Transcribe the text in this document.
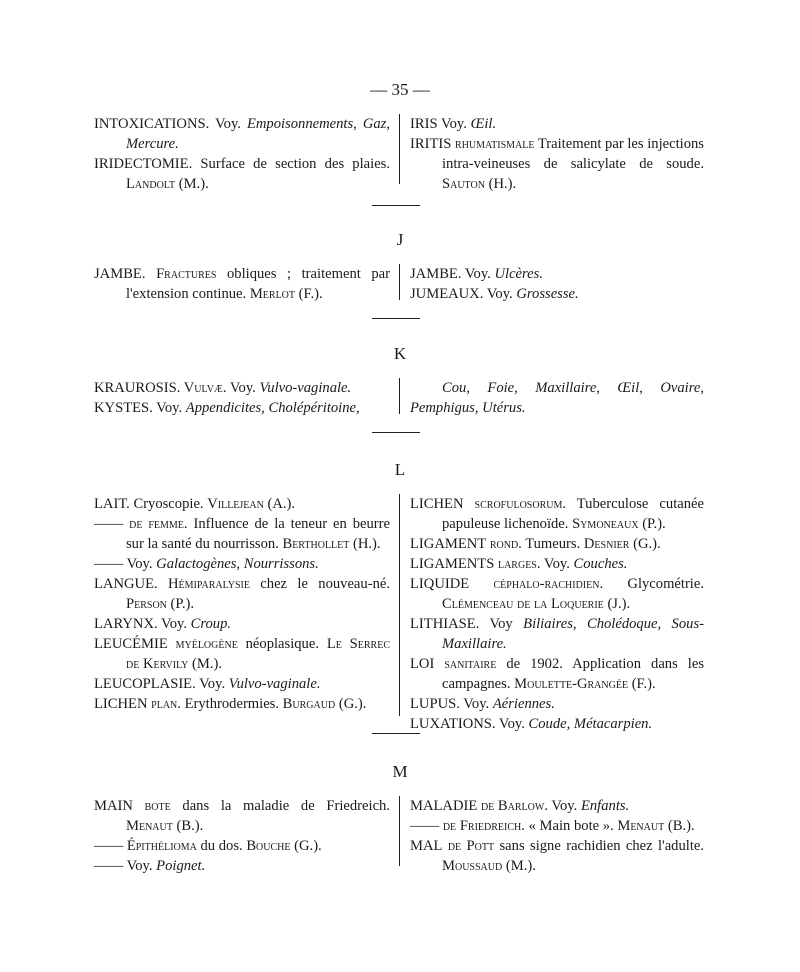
— 35 —

INTOXICATIONS. Voy. Empoisonnements, Gaz, Mercure.

IRIDECTOMIE. Surface de section des plaies. Landolt (M.).

IRIS Voy. Œil.

IRITIS rhumatismale Traitement par les injections intra-veineuses de salicylate de soude. Sauton (H.).

J

JAMBE. Fractures obliques ; traitement par l'extension continue. Merlot (F.).

JAMBE. Voy. Ulcères.

JUMEAUX. Voy. Grossesse.

K

KRAUROSIS. Vulvæ. Voy. Vulvo-vaginale.

KYSTES. Voy. Appendicites, Cholépéritoine,

Cou, Foie, Maxillaire, Œil, Ovaire, Pemphigus, Utérus.

L

LAIT. Cryoscopie. Villejean (A.).

—— de femme. Influence de la teneur en beurre sur la santé du nourrisson. Berthollet (H.).

—— Voy. Galactogènes, Nourrissons.

LANGUE. Hémiparalysie chez le nouveau-né. Person (P.).

LARYNX. Voy. Croup.

LEUCÉMIE myélogène néoplasique. Le Serrec de Kervily (M.).

LEUCOPLASIE. Voy. Vulvo-vaginale.

LICHEN plan. Erythrodermies. Burgaud (G.).

LICHEN scrofulosorum. Tuberculose cutanée papuleuse lichenoïde. Symoneaux (P.).

LIGAMENT rond. Tumeurs. Desnier (G.).

LIGAMENTS larges. Voy. Couches.

LIQUIDE céphalo-rachidien. Glycométrie. Clémenceau de la Loquerie (J.).

LITHIASE. Voy Biliaires, Cholédoque, Sous-Maxillaire.

LOI sanitaire de 1902. Application dans les campagnes. Moulette-Grangée (F.).

LUPUS. Voy. Aériennes.

LUXATIONS. Voy. Coude, Métacarpien.

M

MAIN bote dans la maladie de Friedreich. Menaut (B.).

—— Épithélioma du dos. Bouche (G.).

—— Voy. Poignet.

MALADIE de Barlow. Voy. Enfants.

—— de Friedreich. « Main bote ». Menaut (B.).

MAL de Pott sans signe rachidien chez l'adulte. Moussaud (M.).
